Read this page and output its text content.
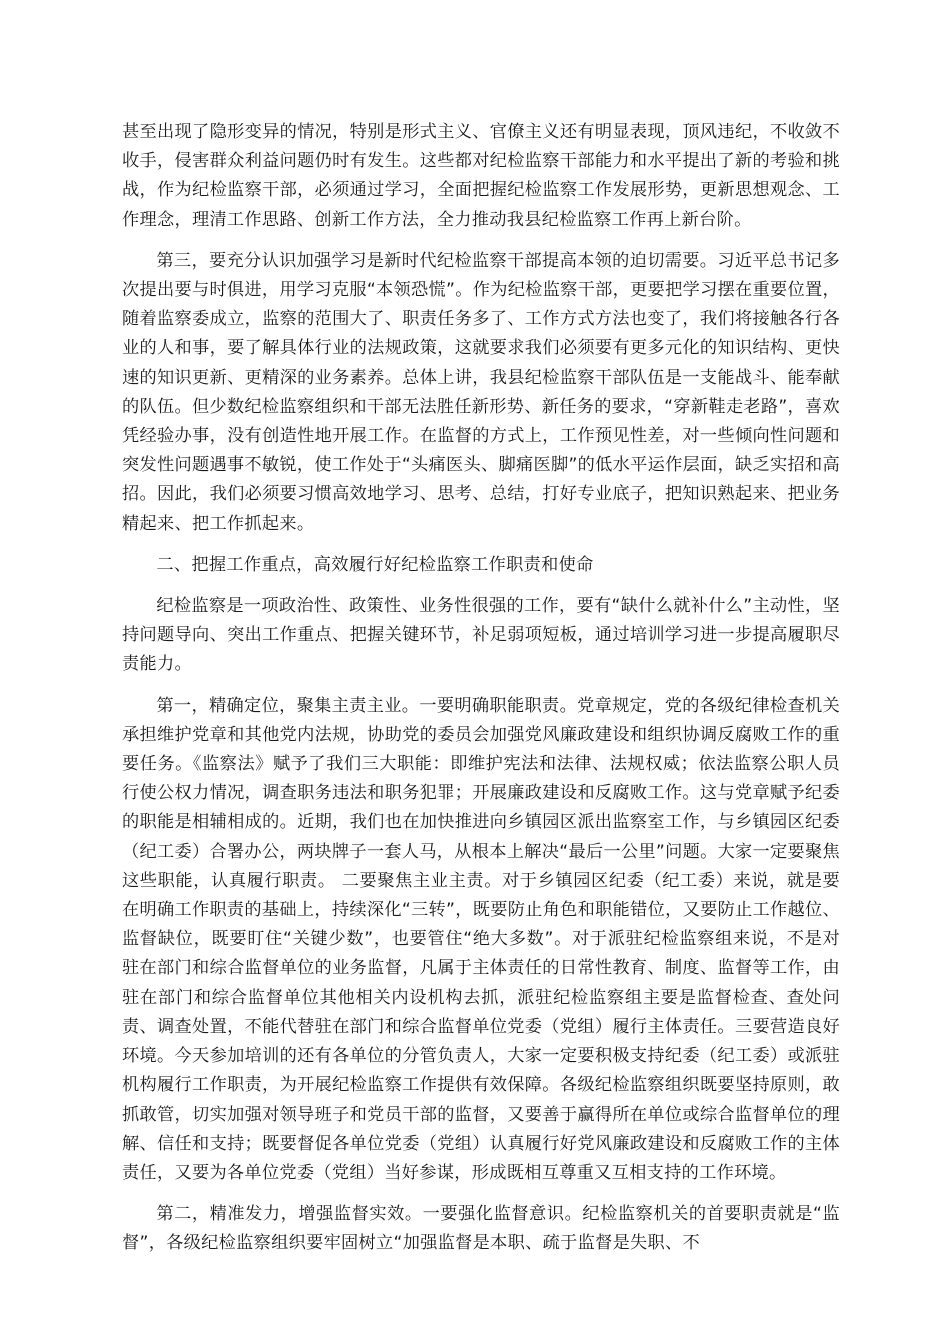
甚至出现了隐形变异的情况，特别是形式主义、官僚主义还有明显表现，顶风违纪，不收敛不收手，侵害群众利益问题仍时有发生。这些都对纪检监察干部能力和水平提出了新的考验和挑战，作为纪检监察干部，必须通过学习，全面把握纪检监察工作发展形势，更新思想观念、工作理念，理清工作思路、创新工作方法，全力推动我县纪检监察工作再上新台阶。

第三，要充分认识加强学习是新时代纪检监察干部提高本领的迫切需要。习近平总书记多次提出要与时俱进，用学习克服“本领恐慌”。作为纪检监察干部，更要把学习摆在重要位置，随着监察委成立，监察的范围大了、职责任务多了、工作方式方法也变了，我们将接触各行各业的人和事，要了解具体行业的法规政策，这就要求我们必须要有更多元化的知识结构、更快速的知识更新、更精深的业务素养。总体上讲，我县纪检监察干部队伍是一支能战斗、能奉献的队伍。但少数纪检监察组织和干部无法胜任新形势、新任务的要求，“穿新鞋走老路”，喜欢凭经验办事，没有创造性地开展工作。在监督的方式上，工作预见性差，对一些倾向性问题和突发性问题遇事不敏锐，使工作处于“头痛医头、脚痛医脚”的低水平运作层面，缺乏实招和高招。因此，我们必须要习惯高效地学习、思考、总结，打好专业底子，把知识熟起来、把业务精起来、把工作抓起来。

二、把握工作重点，高效履行好纪检监察工作职责和使命

纪检监察是一项政治性、政策性、业务性很强的工作，要有“缺什么就补什么”主动性，坚持问题导向、突出工作重点、把握关键环节，补足弱项短板，通过培训学习进一步提高履职尽责能力。

第一，精确定位，聚集主责主业。一要明确职能职责。党章规定，党的各级纪律检查机关承担维护党章和其他党内法规，协助党的委员会加强党风廉政建设和组织协调反腐败工作的重要任务。《监察法》赋予了我们三大职能：即维护宪法和法律、法规权威；依法监察公职人员行使公权力情况，调查职务违法和职务犯罪；开展廉政建设和反腐败工作。这与党章赋予纪委的职能是相辅相成的。近期，我们也在加快推进向乡镇园区派出监察室工作，与乡镇园区纪委（纪工委）合署办公，两块牌子一套人马，从根本上解决“最后一公里”问题。大家一定要聚焦这些职能，认真履行职责。 二要聚焦主业主责。对于乡镇园区纪委（纪工委）来说，就是要在明确工作职责的基础上，持续深化“三转”，既要防止角色和职能错位，又要防止工作越位、监督缺位，既要盯住“关键少数”，也要管住“绝大多数”。对于派驻纪检监察组来说，不是对驻在部门和综合监督单位的业务监督，凡属于主体责任的日常性教育、制度、监督等工作，由驻在部门和综合监督单位其他相关内设机构去抓，派驻纪检监察组主要是监督检查、查处问责、调查处置，不能代替驻在部门和综合监督单位党委（党组）履行主体责任。三要营造良好环境。今天参加培训的还有各单位的分管负责人，大家一定要积极支持纪委（纪工委）或派驻机构履行工作职责，为开展纪检监察工作提供有效保障。各级纪检监察组织既要坚持原则，敢抓敢管，切实加强对领导班子和党员干部的监督，又要善于赢得所在单位或综合监督单位的理解、信任和支持；既要督促各单位党委（党组）认真履行好党风廉政建设和反腐败工作的主体责任，又要为各单位党委（党组）当好参谋，形成既相互尊重又互相支持的工作环境。

第二，精准发力，增强监督实效。一要强化监督意识。纪检监察机关的首要职责就是“监督”，各级纪检监察组织要牢固树立“加强监督是本职、疏于监督是失职、不
